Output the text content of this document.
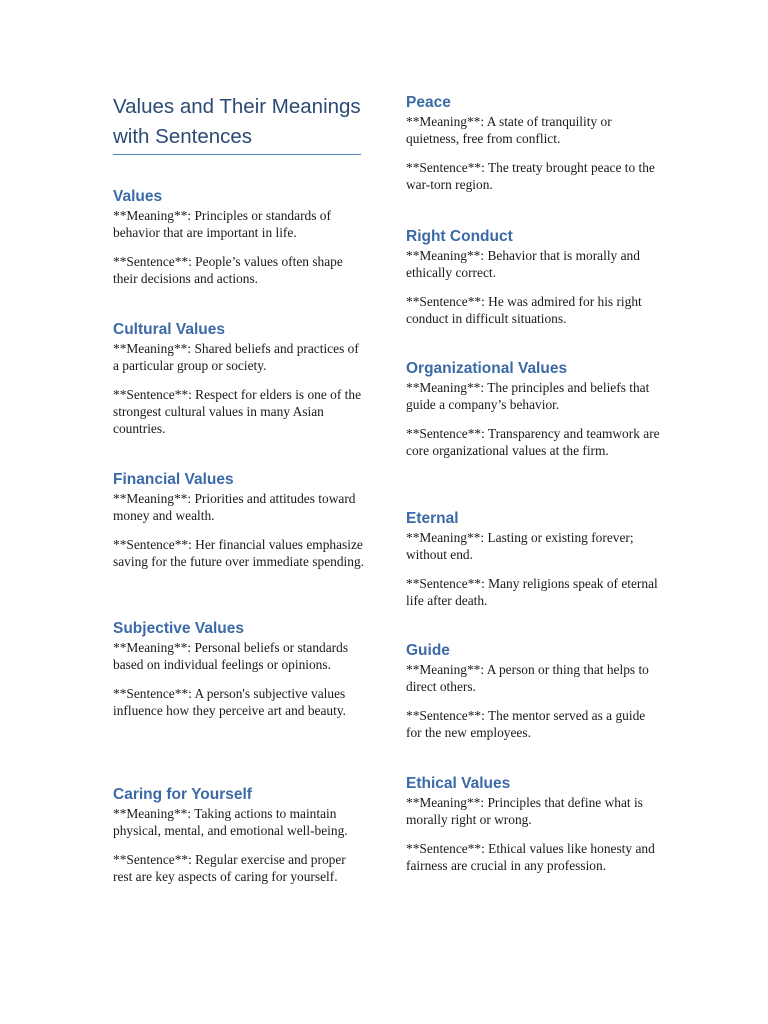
Values and Their Meanings with Sentences
Values

**Meaning**: Principles or standards of behavior that are important in life.

**Sentence**: People’s values often shape their decisions and actions.

Cultural Values

**Meaning**: Shared beliefs and practices of a particular group or society.

**Sentence**: Respect for elders is one of the strongest cultural values in many Asian countries.

Financial Values

**Meaning**: Priorities and attitudes toward money and wealth.

**Sentence**: Her financial values emphasize saving for the future over immediate spending.

Subjective Values

**Meaning**: Personal beliefs or standards based on individual feelings or opinions.

**Sentence**: A person's subjective values influence how they perceive art and beauty.

Caring for Yourself

**Meaning**: Taking actions to maintain physical, mental, and emotional well-being.

**Sentence**: Regular exercise and proper rest are key aspects of caring for yourself.

Peace

**Meaning**: A state of tranquility or quietness, free from conflict.

**Sentence**: The treaty brought peace to the war-torn region.

Right Conduct

**Meaning**: Behavior that is morally and ethically correct.

**Sentence**: He was admired for his right conduct in difficult situations.

Organizational Values

**Meaning**: The principles and beliefs that guide a company’s behavior.

**Sentence**: Transparency and teamwork are core organizational values at the firm.

Eternal

**Meaning**: Lasting or existing forever; without end.

**Sentence**: Many religions speak of eternal life after death.

Guide

**Meaning**: A person or thing that helps to direct others.

**Sentence**: The mentor served as a guide for the new employees.

Ethical Values

**Meaning**: Principles that define what is morally right or wrong.

**Sentence**: Ethical values like honesty and fairness are crucial in any profession.
